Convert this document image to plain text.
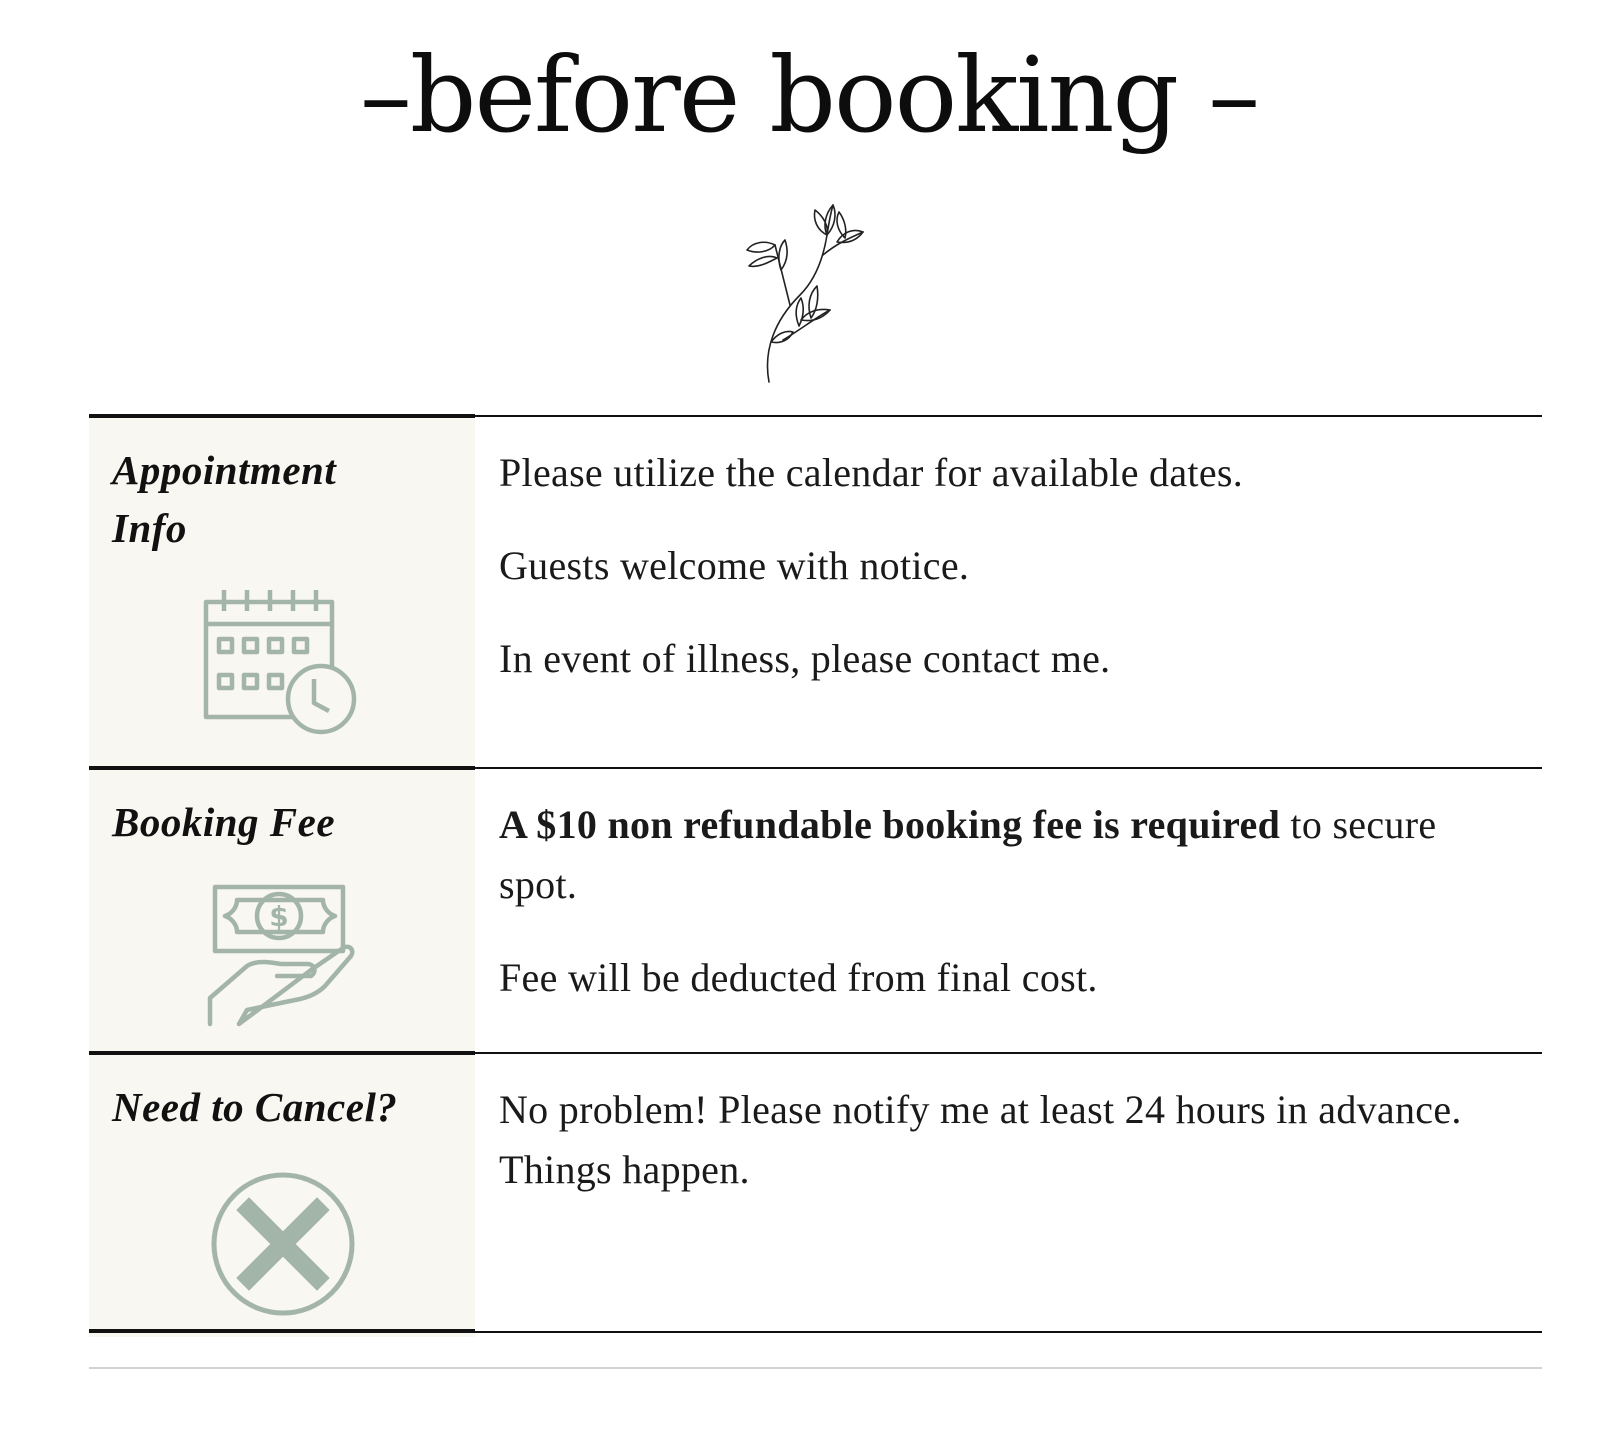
–before booking –
Appointment Info

Please utilize the calendar for available dates.

Guests welcome with notice.

In event of illness, please contact me.

Booking Fee
$

A $10 non refundable booking fee is required to secure spot.

Fee will be deducted from final cost.

Need to Cancel?	No problem! Please notify me at least 24 hours in advance. Things happen.
